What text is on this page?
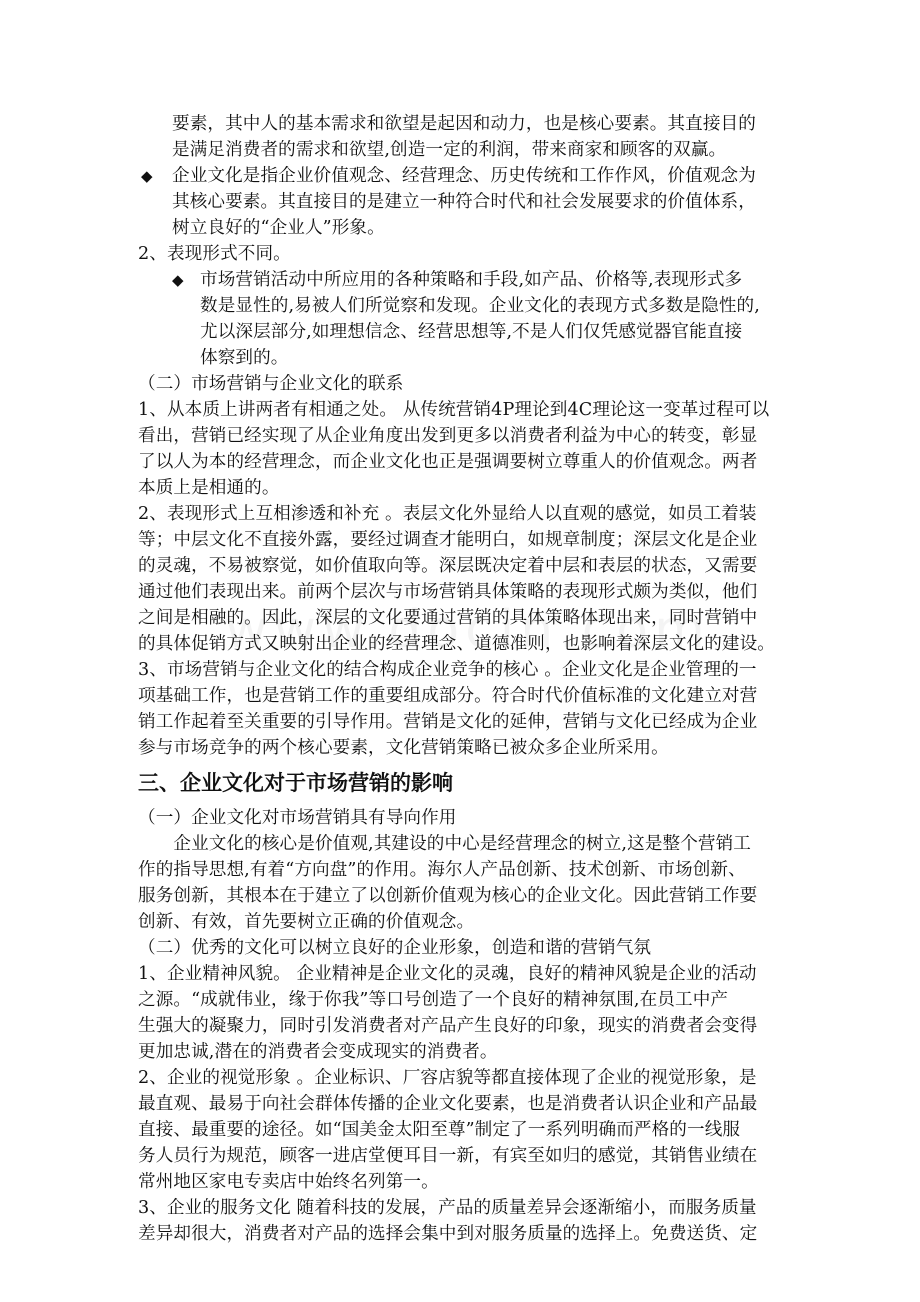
要素，其中人的基本需求和欲望是起因和动力，也是核心要素。其直接目的
是满足消费者的需求和欲望,创造一定的利润，带来商家和顾客的双赢。
◆ 企业文化是指企业价值观念、经营理念、历史传统和工作作风，价值观念为
其核心要素。其直接目的是建立一种符合时代和社会发展要求的价值体系，
树立良好的“企业人”形象。
2、表现形式不同。
◆ 市场营销活动中所应用的各种策略和手段,如产品、价格等,表现形式多
数是显性的,易被人们所觉察和发现。企业文化的表现方式多数是隐性的,
尤以深层部分,如理想信念、经营思想等,不是人们仅凭感觉器官能直接
体察到的。
（二）市场营销与企业文化的联系
1、从本质上讲两者有相通之处。 从传统营销4P理论到4C理论这一变革过程可以
看出，营销已经实现了从企业角度出发到更多以消费者利益为中心的转变，彰显
了以人为本的经营理念，而企业文化也正是强调要树立尊重人的价值观念。两者
本质上是相通的。
2、表现形式上互相渗透和补充 。表层文化外显给人以直观的感觉，如员工着装
等；中层文化不直接外露，要经过调查才能明白，如规章制度；深层文化是企业
的灵魂，不易被察觉，如价值取向等。深层既决定着中层和表层的状态，又需要
通过他们表现出来。前两个层次与市场营销具体策略的表现形式颇为类似，他们
之间是相融的。因此，深层的文化要通过营销的具体策略体现出来，同时营销中
的具体促销方式又映射出企业的经营理念、道德准则，也影响着深层文化的建设。
3、市场营销与企业文化的结合构成企业竞争的核心 。企业文化是企业管理的一
项基础工作，也是营销工作的重要组成部分。符合时代价值标准的文化建立对营
销工作起着至关重要的引导作用。营销是文化的延伸，营销与文化已经成为企业
参与市场竞争的两个核心要素，文化营销策略已被众多企业所采用。
三、企业文化对于市场营销的影响
（一）企业文化对市场营销具有导向作用
　　企业文化的核心是价值观,其建设的中心是经营理念的树立,这是整个营销工
作的指导思想,有着“方向盘”的作用。海尔人产品创新、技术创新、市场创新、
服务创新，其根本在于建立了以创新价值观为核心的企业文化。因此营销工作要
创新、有效，首先要树立正确的价值观念。
（二）优秀的文化可以树立良好的企业形象，创造和谐的营销气氛
1、企业精神风貌。 企业精神是企业文化的灵魂，良好的精神风貌是企业的活动
之源。“成就伟业，缘于你我”等口号创造了一个良好的精神氛围,在员工中产
生强大的凝聚力，同时引发消费者对产品产生良好的印象，现实的消费者会变得
更加忠诚,潜在的消费者会变成现实的消费者。
2、企业的视觉形象 。企业标识、厂容店貌等都直接体现了企业的视觉形象，是
最直观、最易于向社会群体传播的企业文化要素，也是消费者认识企业和产品最
直接、最重要的途径。如“国美金太阳至尊”制定了一系列明确而严格的一线服
务人员行为规范，顾客一进店堂便耳目一新，有宾至如归的感觉，其销售业绩在
常州地区家电专卖店中始终名列第一。
3、企业的服务文化 随着科技的发展，产品的质量差异会逐渐缩小，而服务质量
差异却很大，消费者对产品的选择会集中到对服务质量的选择上。免费送货、定
